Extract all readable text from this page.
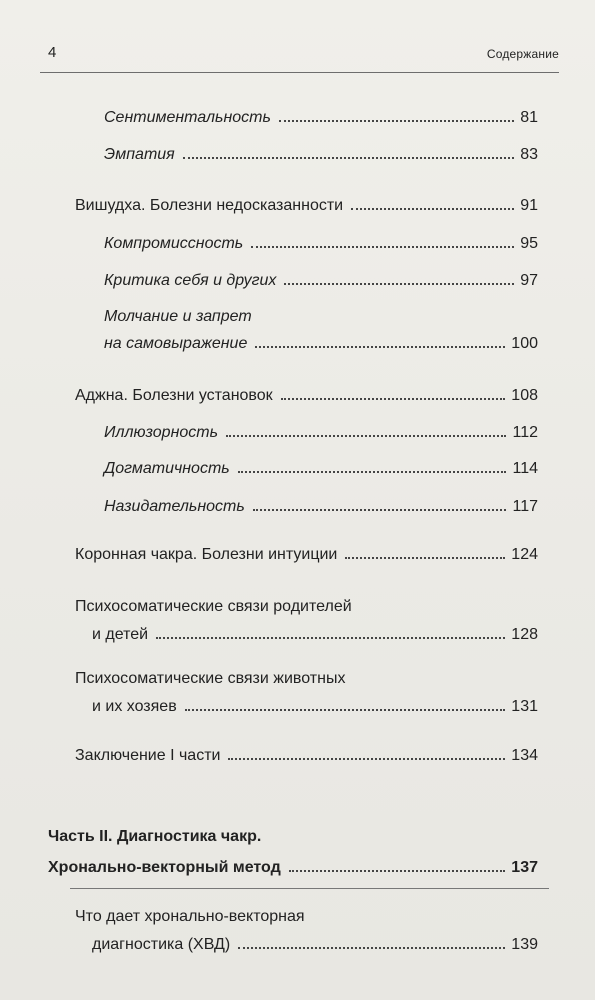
4	Содержание
Сентиментальность	81
Эмпатия	83
Вишудха. Болезни недосказанности	91
Компромиссность	95
Критика себя и других	97
Молчание и запрет
на самовыражение	100
Аджна. Болезни установок	108
Иллюзорность	112
Догматичность	114
Назидательность	117
Коронная чакра. Болезни интуиции	124
Психосоматические связи родителей
и детей	128
Психосоматические связи животных
и их хозяев	131
Заключение I части	134
Часть II. Диагностика чакр.
Хронально-векторный метод	137
Что дает хронально-векторная
диагностика (ХВД)	139
